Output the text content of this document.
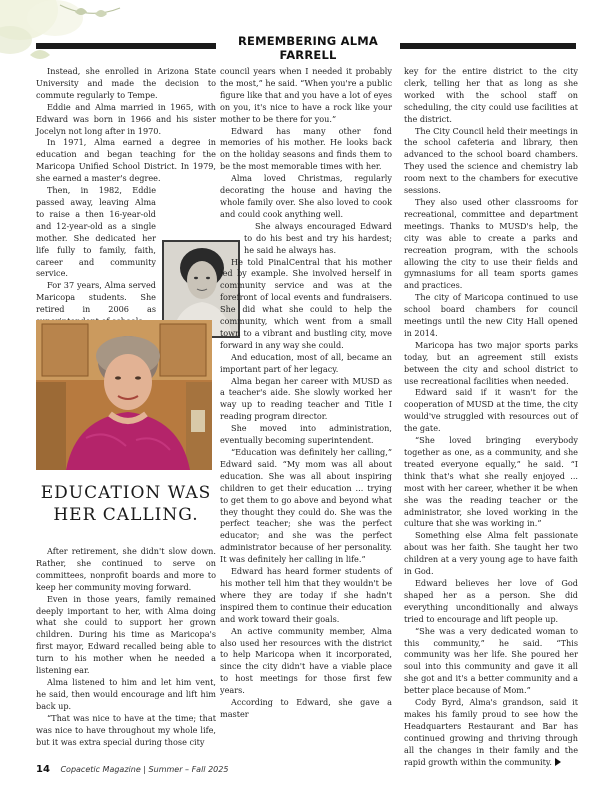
REMEMBERING ALMA FARRELL

Instead, she enrolled in Arizona State University and made the decision to commute regularly to Tempe.

Eddie and Alma married in 1965, with Edward was born in 1966 and his sister Jocelyn not long after in 1970.

In 1971, Alma earned a degree in education and began teaching for the Maricopa Unified School District. In 1979, she earned a master's degree.

Then, in 1982, Eddie passed away, leaving Alma to raise a then 16-year-old and 12-year-old as a single mother. She dedicated her life fully to family, faith, career and community service.

For 37 years, Alma served Maricopa students. She retired in 2006 as

EDUCATION WAS
HER CALLING.

After retirement, she didn't slow down. Rather, she continued to serve on committees, nonprofit boards and more to keep her community moving forward.

Even in those years, family remained deeply important to her, with Alma doing what she could to support her grown children. During his time as Maricopa's first mayor, Edward recalled being able to turn to his mother when he needed a listening ear.

Alma listened to him and let him vent, he said, then would encourage and lift him back up.

“That was nice to have at the time; that was nice to have throughout my whole life, but it was extra special during those city

council years when I needed it probably the most,” he said. “When you're a public figure like that and you have a lot of eyes on you, it's nice to have a rock like your mother to be there for you.”

Edward has many other fond memories of his mother. He looks back on the holiday seasons and finds them to be the most memorable times with her.

Alma loved Christmas, regularly decorating the house and having the whole family over. She also loved to cook and could cook anything well.

She always encouraged Edward to do his best and try his hardest; he said he always has.

He told PinalCentral that his mother led by example. She involved herself in community service and was at the forefront of local events and fundraisers. She did what she could to help the community, which went from a small town to a vibrant and bustling city, move forward in any way she could.

And education, most of all, became an important part of her legacy.

Alma began her career with MUSD as a teacher's aide. She slowly worked her way up to reading teacher and Title I reading program director.

She moved into administration, eventually becoming superintendent.

“Education was definitely her calling,” Edward said. “My mom was all about education. She was all about inspiring children to get their education ... trying to get them to go above and beyond what they thought they could do. She was the perfect teacher; she was the perfect educator; and she was the perfect administrator because of her personality. It was definitely her calling in life.”

Edward has heard former students of his mother tell him that they wouldn't be where they are today if she hadn't inspired them to continue their education and work toward their goals.

An active community member, Alma also used her resources with the district to help Maricopa when it incorporated, since the city didn't have a viable place to host meetings for those first few years.

According to Edward, she gave a master

key for the entire district to the city clerk, telling her that as long as she worked with the school staff on scheduling, the city could use facilities at the district.

The City Council held their meetings in the school cafeteria and library, then advanced to the school board chambers. They used the science and chemistry lab room next to the chambers for executive sessions.

They also used other classrooms for recreational, committee and department meetings. Thanks to MUSD's help, the city was able to create a parks and recreation program, with the schools allowing the city to use their fields and gymnasiums for all team sports games and practices.

The city of Maricopa continued to use school board chambers for council meetings until the new City Hall opened in 2014.

Maricopa has two major sports parks today, but an agreement still exists between the city and school district to use recreational facilities when needed.

Edward said if it wasn't for the cooperation of MUSD at the time, the city would've struggled with resources out of the gate.

“She loved bringing everybody together as one, as a community, and she treated everyone equally,” he said. “I think that's what she really enjoyed ... most with her career, whether it be when she was the reading teacher or the administrator, she loved working in the culture that she was working in.”

Something else Alma felt passionate about was her faith. She taught her two children at a very young age to have faith in God.

Edward believes her love of God shaped her as a person. She did everything unconditionally and always tried to encourage and lift people up.

“She was a very dedicated woman to this community,” he said. “This community was her life. She poured her soul into this community and gave it all she got and it's a better community and a better place because of Mom.”

Cody Byrd, Alma's grandson, said it makes his family proud to see how the Headquarters Restaurant and Bar has continued growing and thriving through all the changes in their family and the rapid growth within the community.

14 Copacetic Magazine | Summer – Fall 2025
